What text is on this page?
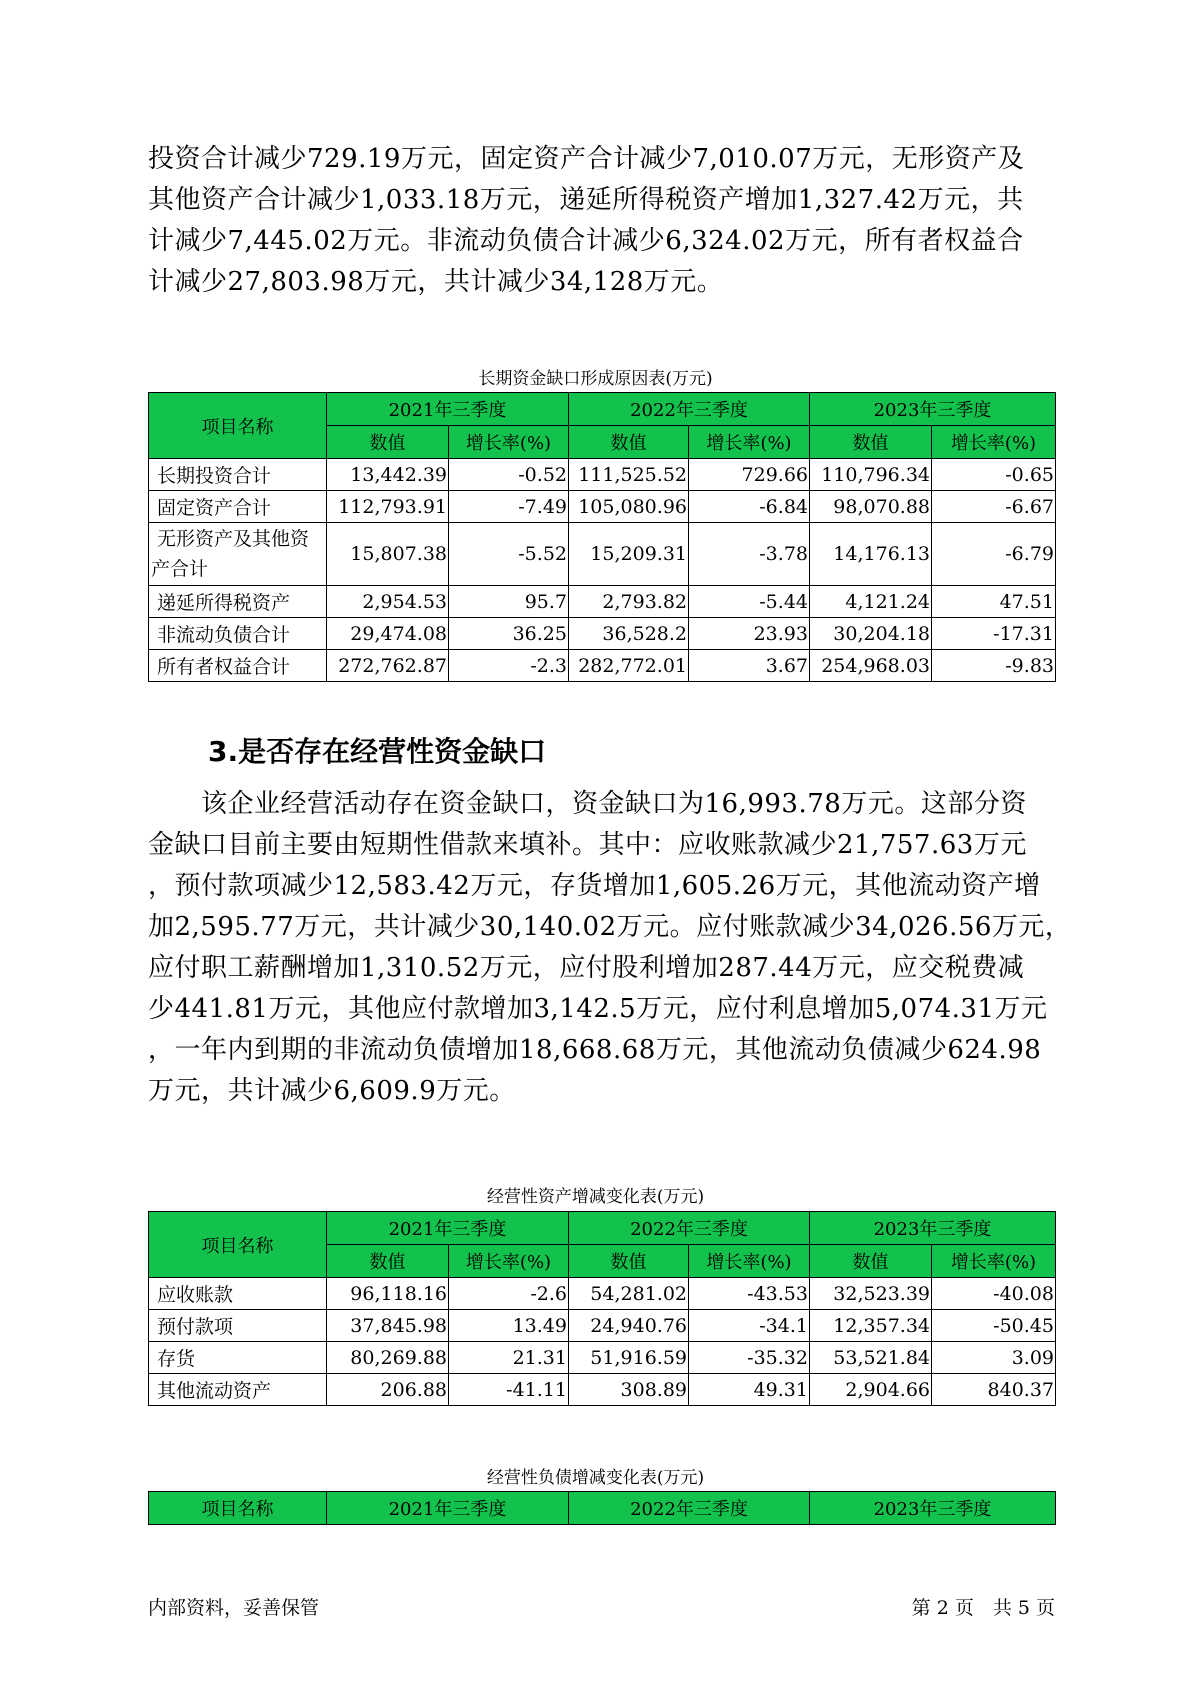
投资合计减少729.19万元，固定资产合计减少7,010.07万元，无形资产及
其他资产合计减少1,033.18万元，递延所得税资产增加1,327.42万元，共
计减少7,445.02万元。非流动负债合计减少6,324.02万元，所有者权益合
计减少27,803.98万元，共计减少34,128万元。
长期资金缺口形成原因表(万元)
项目名称	2021年三季度		2022年三季度		2023年三季度	
	数值	增长率(%)	数值	增长率(%)	数值	增长率(%)
长期投资合计	13,442.39	-0.52	111,525.52	729.66	110,796.34	-0.65
固定资产合计	112,793.91	-7.49	105,080.96	-6.84	98,070.88	-6.67
无形资产及其他资
产合计	15,807.38	-5.52	15,209.31	-3.78	14,176.13	-6.79
递延所得税资产	2,954.53	95.7	2,793.82	-5.44	4,121.24	47.51
非流动负债合计	29,474.08	36.25	36,528.2	23.93	30,204.18	-17.31
所有者权益合计	272,762.87	-2.3	282,772.01	3.67	254,968.03	-9.83
3.是否存在经营性资金缺口
　　该企业经营活动存在资金缺口，资金缺口为16,993.78万元。这部分资
金缺口目前主要由短期性借款来填补。其中：应收账款减少21,757.63万元
，预付款项减少12,583.42万元，存货增加1,605.26万元，其他流动资产增
加2,595.77万元，共计减少30,140.02万元。应付账款减少34,026.56万元，
应付职工薪酬增加1,310.52万元，应付股利增加287.44万元，应交税费减
少441.81万元，其他应付款增加3,142.5万元，应付利息增加5,074.31万元
，一年内到期的非流动负债增加18,668.68万元，其他流动负债减少624.98
万元，共计减少6,609.9万元。
经营性资产增减变化表(万元)
项目名称	2021年三季度		2022年三季度		2023年三季度	
	数值	增长率(%)	数值	增长率(%)	数值	增长率(%)
应收账款	96,118.16	-2.6	54,281.02	-43.53	32,523.39	-40.08
预付款项	37,845.98	13.49	24,940.76	-34.1	12,357.34	-50.45
存货	80,269.88	21.31	51,916.59	-35.32	53,521.84	3.09
其他流动资产	206.88	-41.11	308.89	49.31	2,904.66	840.37
经营性负债增减变化表(万元)
项目名称	2021年三季度	2022年三季度	2023年三季度
内部资料，妥善保管	第 2 页　共 5 页
